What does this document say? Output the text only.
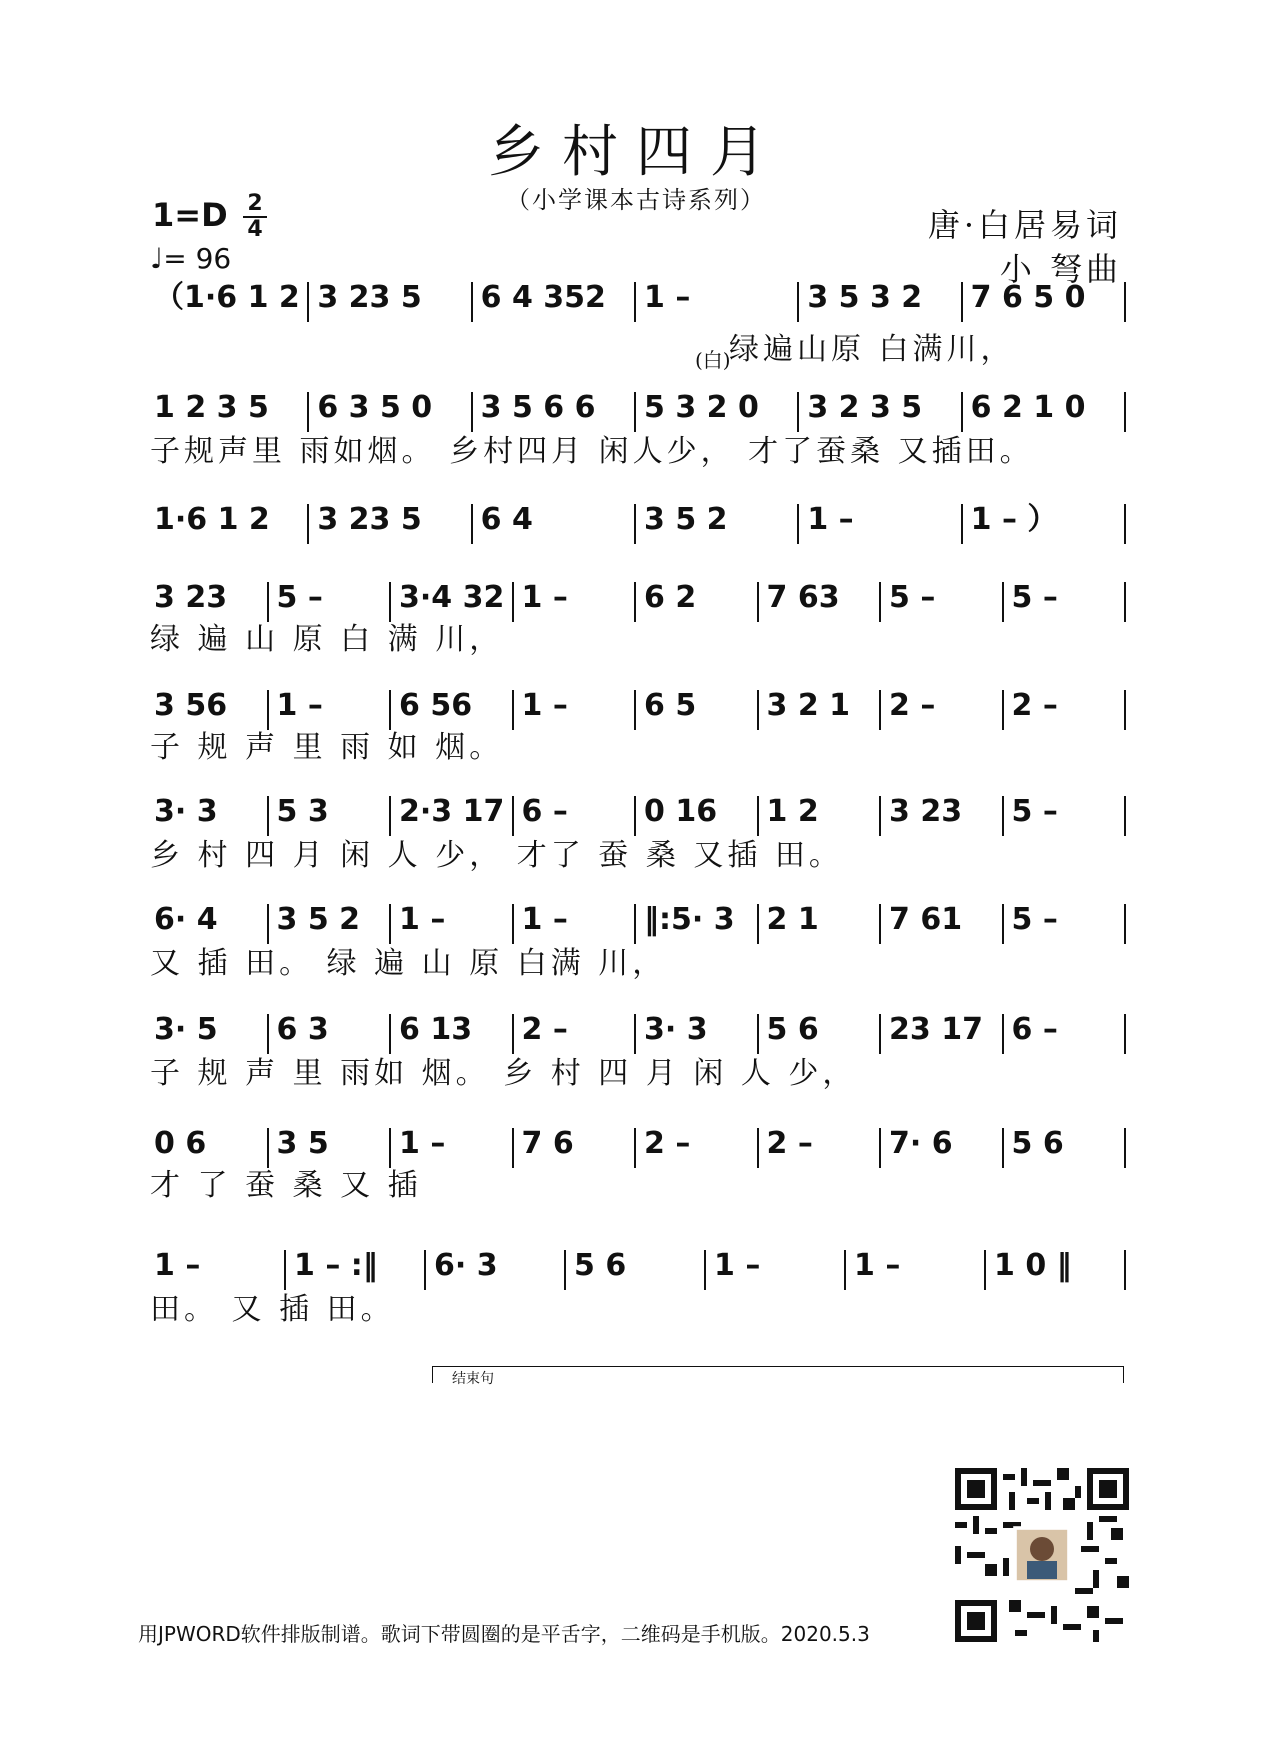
乡村四月
（小学课本古诗系列）
1=D 2
4
♩= 96
唐·白居易词
小 弩曲
（1·6 1 2 3 23 5 6 4 352 1 –	3 5 3 2 7 6 5 0
(白)
绿遍山原 白满川，
1 2 3 5 6 3 5 0 3 5 6 6 5 3 2 0 3 2 3 5 6 2 1 0
子规声里 雨如烟。 乡村四月 闲人少， 才了蚕桑 又插田。
1·6 1 2 3 23 5 6 4	3 5 2	1 –	1 – ）
3 23 5 –	3·4 32 1 –	6 2 7 63 5 –	5 –
绿 遍 山 原 白 满 川，
3 56 1 –	6 56 1 –	6 5 3 2 1 2 –	2 –
子 规 声 里 雨 如 烟。
3· 3 5 3 2·3 17 6 –	0 16 1 2 3 23 5 –
乡 村 四 月 闲 人 少， 才了 蚕 桑 又插 田。
6· 4 3 5 2 1 –	1 –	‖:5· 3 2 1 7 61 5 –
又 插 田。 绿 遍 山 原 白满 川，
3· 5 6 3 6 13 2 –	3· 3 5 6 23 17 6 –
子 规 声 里 雨如 烟。 乡 村 四 月 闲 人 少，
0 6 3 5 1 –	7 6 2 –	2 –	7· 6 5 6
才 了 蚕 桑 又 插
1 –	1 – :‖ 6· 3	5 6	1 –	1 –	1 0 ‖
田。 又 插 田。
结束句
用JPWORD软件排版制谱。歌词下带圆圈的是平舌字，二维码是手机版。2020.5.3
